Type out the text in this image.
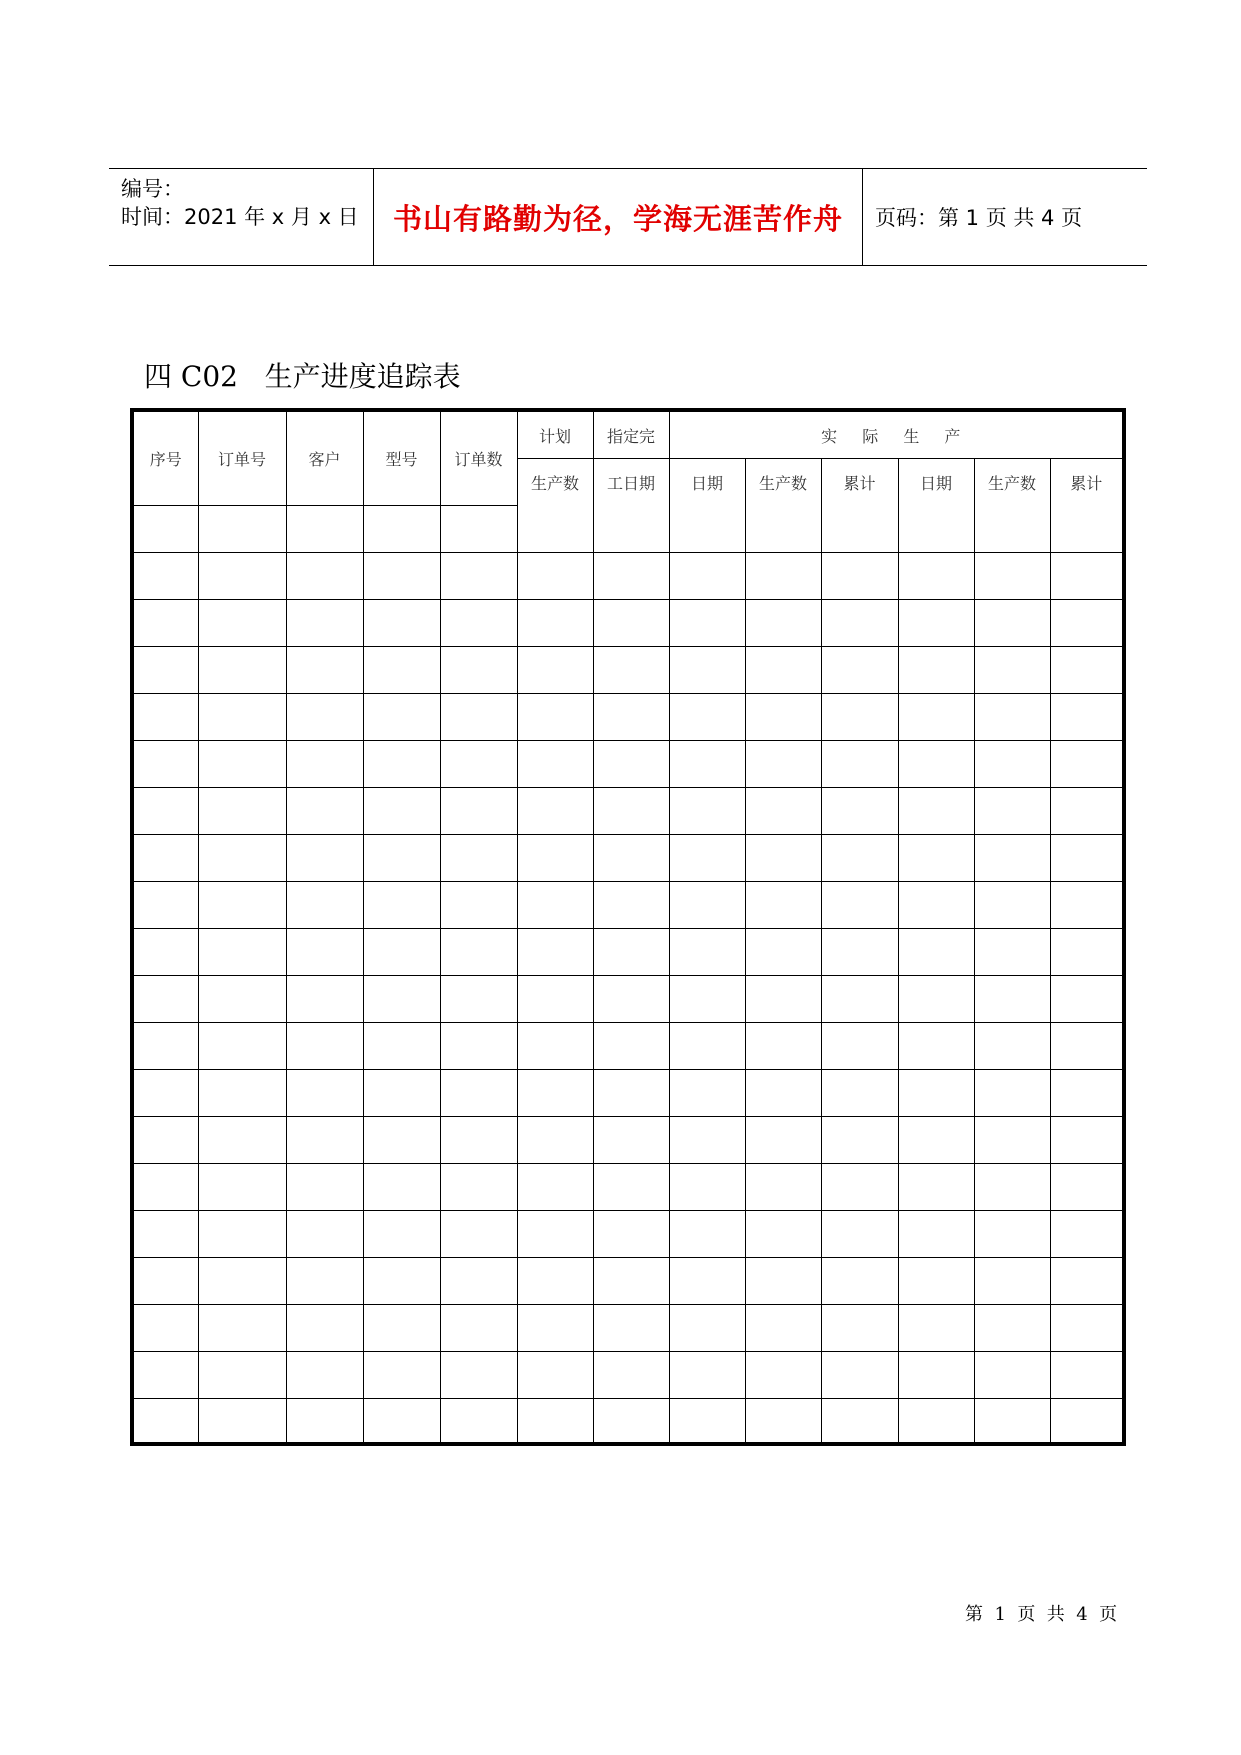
编号：
时间：2021 年 x 月 x 日 书山有路勤为径，学海无涯苦作舟 页码：第 1 页 共 4 页
四 C02   生产进度追踪表
序号	订单号	客户	型号	订单数	计划	指定完	实 际 生 产					
					生产数	工日期	日期	生产数	累计	日期	生产数	累计

第  1  页  共  4  页
